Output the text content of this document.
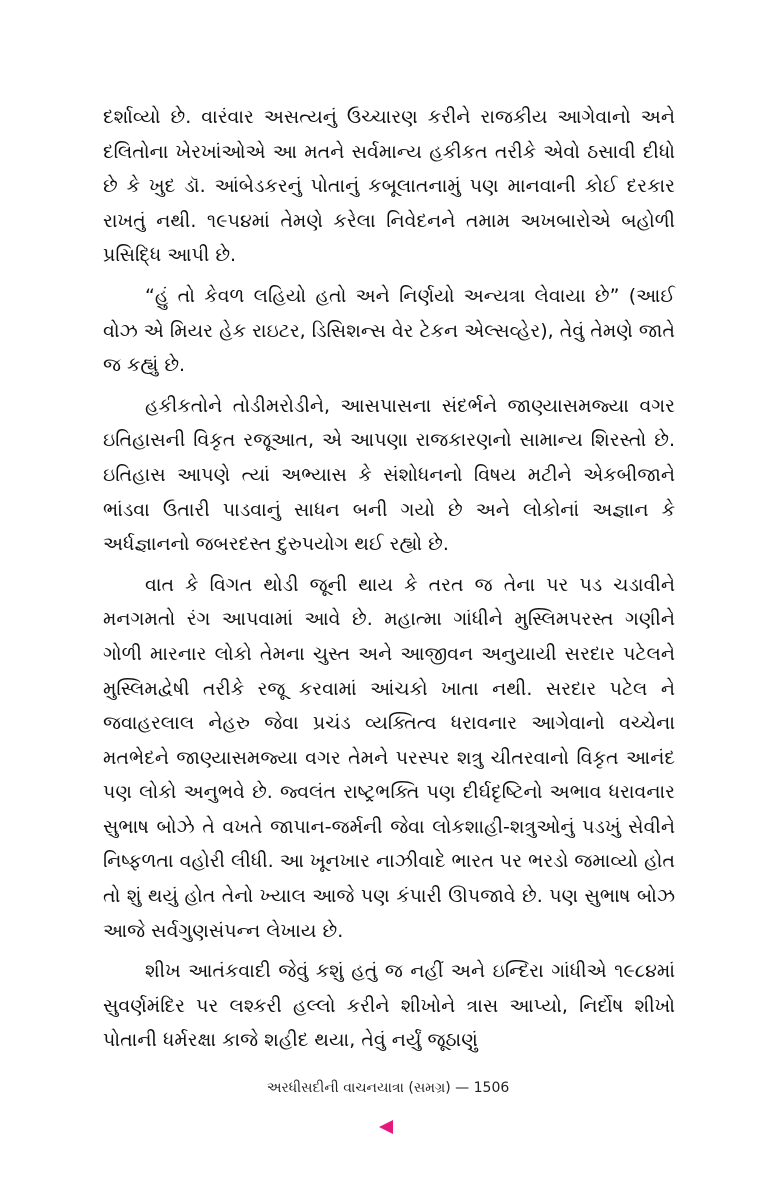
દર્શાવ્યો છે. વારંવાર અસત્યનું ઉચ્ચારણ કરીને રાજકીય આગેવાનો અને દલિતોના ખેરખાંઓએ આ મતને સર્વમાન્ય હકીકત તરીકે એવો ઠસાવી દીધો છે કે ખુદ ડૉ. આંબેડકરનું પોતાનું કબૂલાતનામું પણ માનવાની કોઈ દરકાર રાખતું નથી. ૧૯૫૪માં તેમણે કરેલા નિવેદનને તમામ અખબારોએ બહોળી પ્રસિદ્ધિ આપી છે.

“હું તો કેવળ લહિયો હતો અને નિર્ણયો અન્યત્રા લેવાયા છે” (આઈ વોઝ એ મિયર હેક રાઇટર, ડિસિશન્સ વેર ટેકન એલ્સવ્હેર), તેવું તેમણે જાતે જ કહ્યું છે.

હકીકતોને તોડીમરોડીને, આસપાસના સંદર્ભને જાણ્યાસમજ્યા વગર ઇતિહાસની વિકૃત રજૂઆત, એ આપણા રાજકારણનો સામાન્ય શિરસ્તો છે. ઇતિહાસ આપણે ત્યાં અભ્યાસ કે સંશોધનનો વિષય મટીને એકબીજાને ભાંડવા ઉતારી પાડવાનું સાધન બની ગયો છે અને લોકોનાં અજ્ઞાન કે અર્ધજ્ઞાનનો જબરદસ્ત દુરુપયોગ થઈ રહ્યો છે.

વાત કે વિગત થોડી જૂની થાય કે તરત જ તેના પર પડ ચડાવીને મનગમતો રંગ આપવામાં આવે છે. મહાત્મા ગાંધીને મુસ્લિમપરસ્ત ગણીને ગોળી મારનાર લોકો તેમના ચુસ્ત અને આજીવન અનુયાયી સરદાર પટેલને મુસ્લિમદ્વેષી તરીકે રજૂ કરવામાં આંચકો ખાતા નથી. સરદાર પટેલ ને જવાહરલાલ નેહરુ જેવા પ્રચંડ વ્યક્તિત્વ ધરાવનાર આગેવાનો વચ્ચેના મતભેદને જાણ્યાસમજ્યા વગર તેમને પરસ્પર શત્રુ ચીતરવાનો વિકૃત આનંદ પણ લોકો અનુભવે છે. જ્વલંત રાષ્ટ્રભક્તિ પણ દીર્ઘદૃષ્ટિનો અભાવ ધરાવનાર સુભાષ બોઝે તે વખતે જાપાન-જર્મની જેવા લોકશાહી-શત્રુઓનું પડખું સેવીને નિષ્ફળતા વહોરી લીધી. આ ખૂનખાર નાઝીવાદે ભારત પર ભરડો જમાવ્યો હોત તો શું થયું હોત તેનો ખ્યાલ આજે પણ કંપારી ઊપજાવે છે. પણ સુભાષ બોઝ આજે સર્વગુણસંપન્ન લેખાય છે.

શીખ આતંકવાદી જેવું કશું હતું જ નહીં અને ઇન્દિરા ગાંધીએ ૧૯૮૪માં સુવર્ણમંદિર પર લશ્કરી હલ્લો કરીને શીખોને ત્રાસ આપ્યો, નિર્દોષ શીખો પોતાની ધર્મરક્ષા કાજે શહીદ થયા, તેવું નર્યું જૂઠાણું

અરધીસદીની વાચનયાત્રા (સમગ્ર) — 1506
